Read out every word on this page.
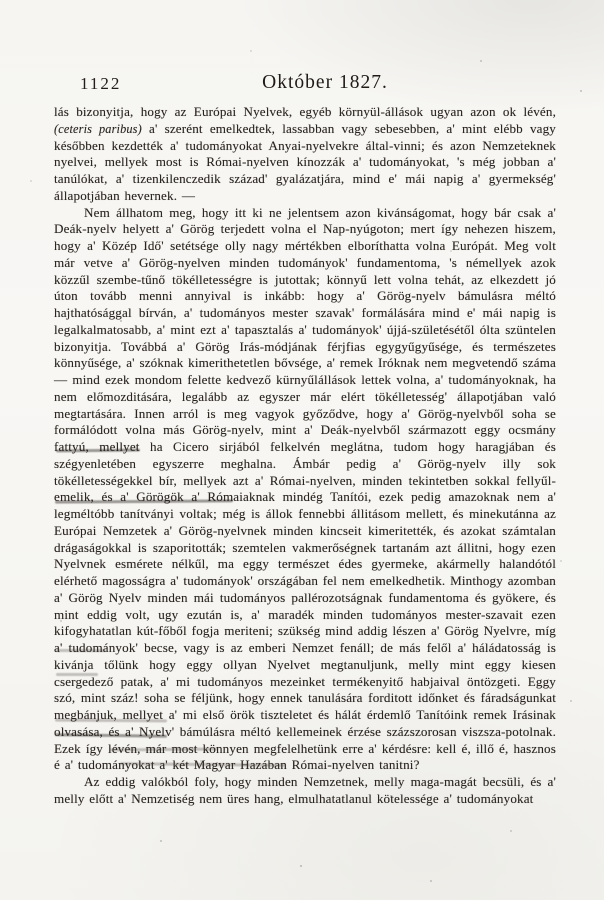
1122	Október 1827.

lás bizonyitja, hogy az Európai Nyelvek, egyéb környül-állások ugyan azon ok lévén, (ceteris paribus) a' szerént emelkedtek, lassabban vagy sebesebben, a' mint elébb vagy későbben kezdették a' tudományokat Anyai-nyelvekre által-vinni; és azon Nemzeteknek nyelvei, mellyek most is Római-nyelven kínozzák a' tudományokat, 's még jobban a' tanúlókat, a' tizenkilenczedik század' gyalázatjára, mind e' mái napig a' gyermekség' állapotjában hevernek. —

Nem állhatom meg, hogy itt ki ne jelentsem azon kivánságomat, hogy bár csak a' Deák-nyelv helyett a' Görög terjedett volna el Nap-nyúgoton; mert így nehezen hiszem, hogy a' Közép Idő' setétsége olly nagy mértékben elboríthatta volna Európát. Meg volt már vetve a' Görög-nyelven minden tudományok' fundamentoma, 's némellyek azok közzűl szembe-tűnő tökélletességre is jutottak; könnyű lett volna tehát, az elkezdett jó úton tovább menni annyival is inkább: hogy a' Görög-nyelv bámulásra méltó hajthatósággal bírván, a' tudományos mester szavak' formálására mind e' mái napig is legalkalmatosabb, a' mint ezt a' tapasztalás a' tudományok' újjá-születésétől ólta szüntelen bizonyitja. Továbbá a' Görög Irás-módjának férjfias egygyűgyűsége, és természetes könnyűsége, a' szóknak kimerithetetlen bővsége, a' remek Iróknak nem megvetendő száma — mind ezek mondom felette kedvező kürnyűlállások lettek volna, a' tudományoknak, ha nem előmozditására, legalább az egyszer már elért tökélletesség' állapotjában való megtartására. Innen arról is meg vagyok győződve, hogy a' Görög-nyelvből soha se formálódott volna más Görög-nyelv, mint a' Deák-nyelvből származott eggy ocsmány fattyú, mellyet ha Cicero sirjából felkelvén meglátna, tudom hogy haragjában és szégyenletében egyszerre meghalna. Ámbár pedig a' Görög-nyelv illy sok tökélletességekkel bír, mellyek azt a' Római-nyelven, minden tekintetben sokkal fellyűl-emelik, és a' Görögök a' Rómaiaknak mindég Tanítói, ezek pedig amazoknak nem a' legméltóbb tanítványi voltak; még is állok fennebbi állitásom mellett, és minekutánna az Európai Nemzetek a' Görög-nyelvnek minden kincseit kimeritették, és azokat számtalan drágaságokkal is szaporitották; szemtelen vakmerőségnek tartanám azt állitni, hogy ezen Nyelvnek esmérete nélkűl, ma eggy természet édes gyermeke, akármelly halandótól elérhető magosságra a' tudományok' országában fel nem emelkedhetik. Minthogy azomban a' Görög Nyelv minden mái tudományos pallérozotságnak fundamentoma és gyökere, és mint eddig volt, ugy ezután is, a' maradék minden tudományos mester-szavait ezen kifogyhatatlan kút-főből fogja meriteni; szükség mind addig lészen a' Görög Nyelvre, míg a' tudományok' becse, vagy is az emberi Nemzet fenáll; de más felől a' háládatosság is kivánja tőlünk hogy eggy ollyan Nyelvet megtanuljunk, melly mint eggy kiesen csergedező patak, a' mi tudományos mezeinket termékenyitő habjaival öntözgeti. Eggy szó, mint száz! soha se féljünk, hogy ennek tanulására forditott időnket és fáradságunkat megbánjuk, mellyet a' mi első örök tiszteletet és hálát érdemlő Tanítóink remek Irásinak olvasása, és a' Nyelv' bámúlásra méltó kellemeinek érzése százszorosan viszsza-potolnak. Ezek így lévén, már most könnyen megfelelhetünk erre a' kérdésre: kell é, illő é, hasznos é a' tudományokat a' két Magyar Hazában Római-nyelven tanitni?

Az eddig valókból foly, hogy minden Nemzetnek, melly maga-magát becsüli, és a' melly előtt a' Nemzetiség nem üres hang, elmulhatatlanul kötelessége a' tudományokat
